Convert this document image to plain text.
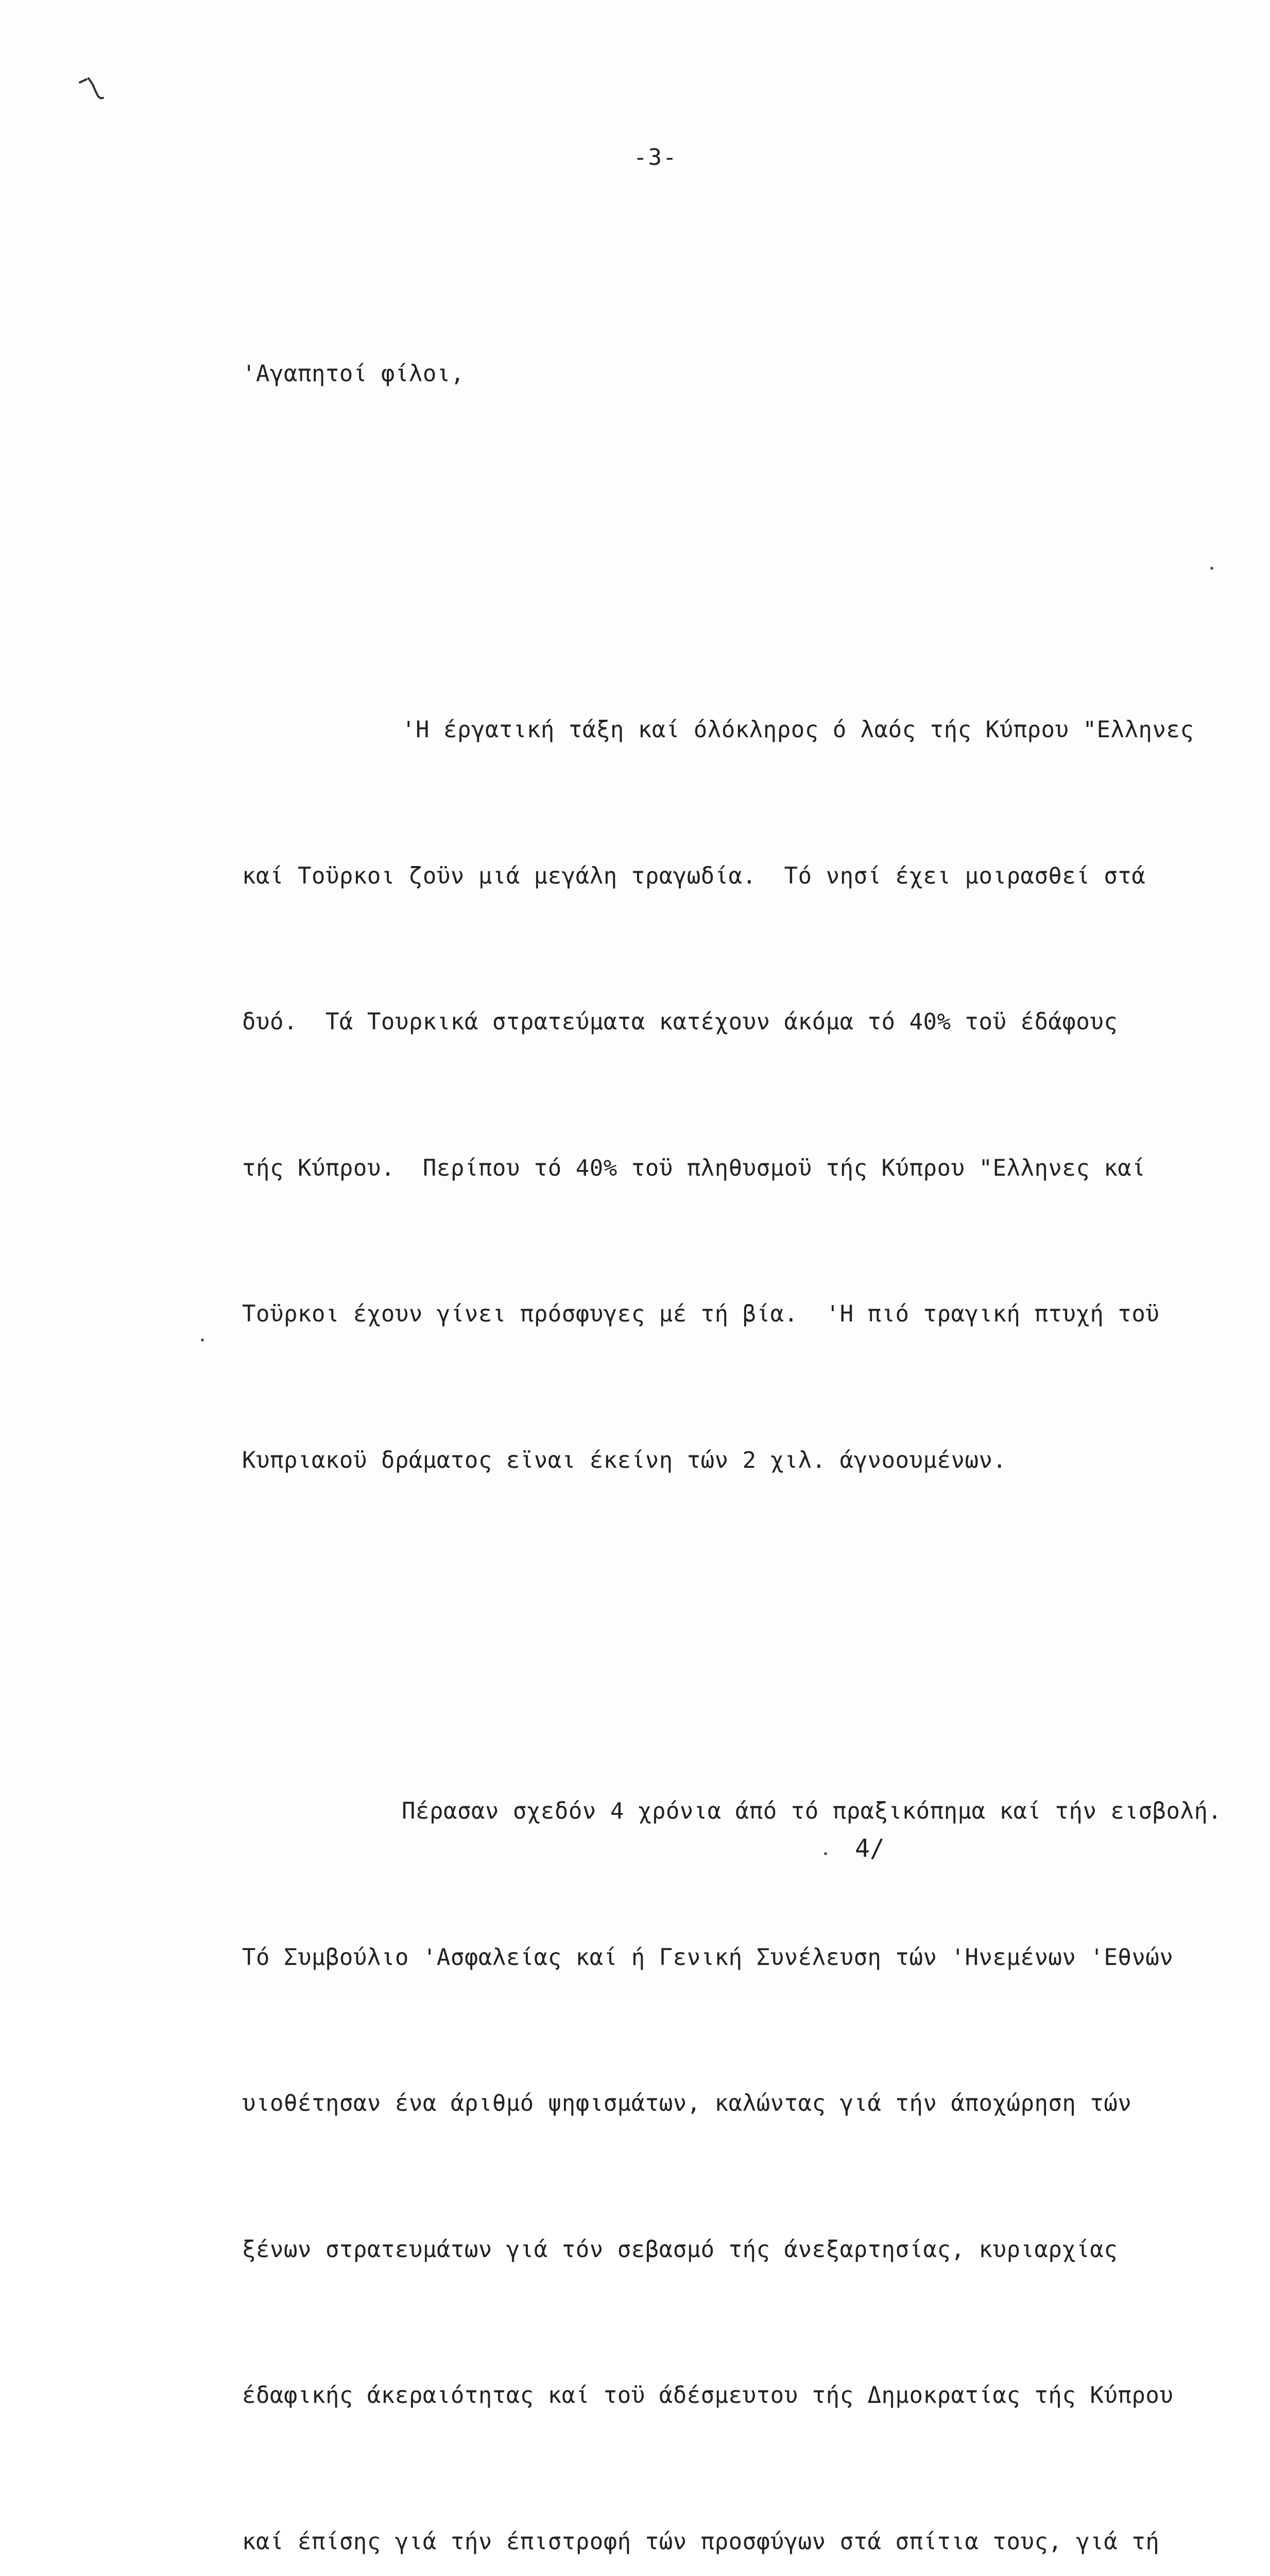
-3-

'Αγαπητοί φίλοι,

'Η έργατική τάξη καί όλόκληρος ό λαός τής Κύπρου "Ελληνες

καί Τοϋρκοι ζοϋν μιά μεγάλη τραγωδία.  Τό νησί έχει μοιρασθεί στά

δυό.  Τά Τουρκικά στρατεύματα κατέχουν άκόμα τό 40% τοϋ έδάφους

τής Κύπρου.  Περίπου τό 40% τοϋ πληθυσμοϋ τής Κύπρου "Ελληνες καί

Τοϋρκοι έχουν γίνει πρόσφυγες μέ τή βία.  'Η πιό τραγική πτυχή τοϋ

Κυπριακοϋ δράματος εϊναι έκείνη τών 2 χιλ. άγνοουμένων.

Πέρασαν σχεδόν 4 χρόνια άπό τό πραξικόπημα καί τήν εισβολή.

Τό Συμβούλιο 'Ασφαλείας καί ή Γενική Συνέλευση τών 'Ηνεμένων 'Εθνών

υιοθέτησαν ένα άριθμό ψηφισμάτων, καλώντας γιά τήν άποχώρηση τών

ξένων στρατευμάτων γιά τόν σεβασμό τής άνεξαρτησίας, κυριαρχίας

έδαφικής άκεραιότητας καί τοϋ άδέσμευτου τής Δημοκρατίας τής Κύπρου

καί έπίσης γιά τήν έπιστροφή τών προσφύγων στά σπίτια τους, γιά τή

4/
